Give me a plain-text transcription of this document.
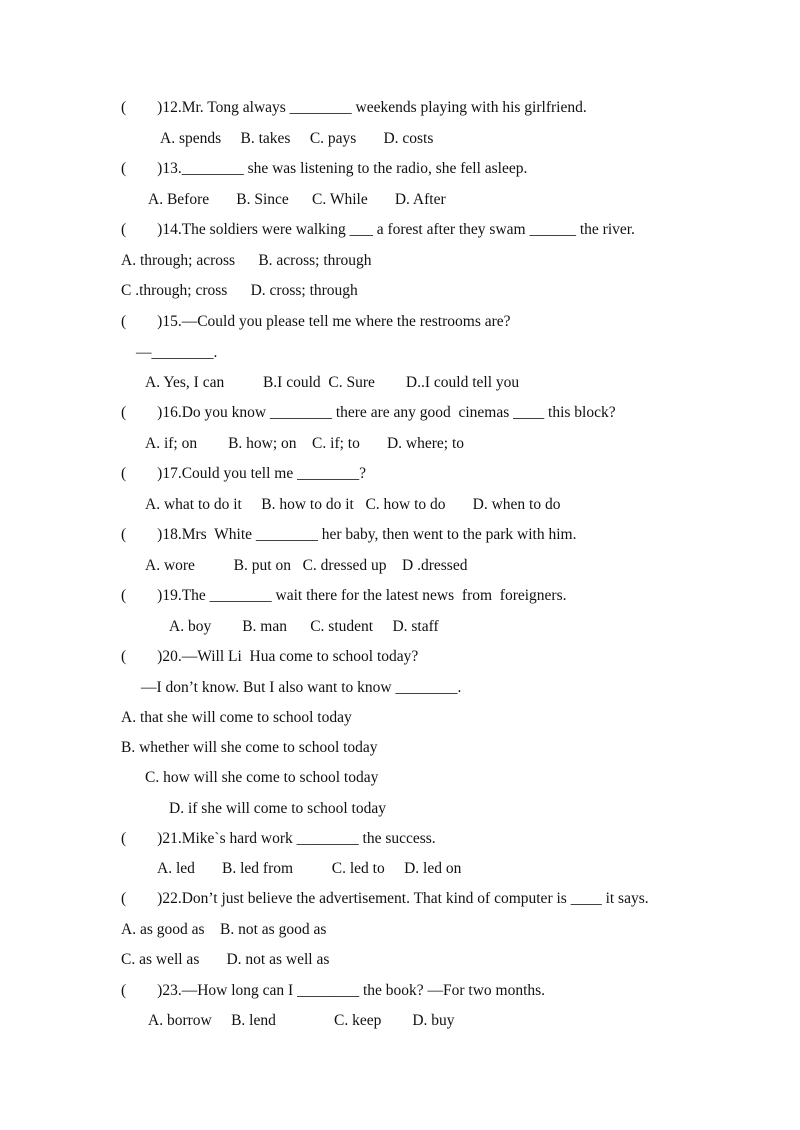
(        )12.Mr. Tong always ________ weekends playing with his girlfriend.
A. spends     B. takes     C. pays       D. costs
(        )13.________ she was listening to the radio, she fell asleep.
A. Before       B. Since      C. While       D. After
(        )14.The soldiers were walking ___ a forest after they swam ______ the river.
A. through; across      B. across; through
C .through; cross      D. cross; through
(        )15.—Could you please tell me where the restrooms are?
—________.
A. Yes, I can          B.I could  C. Sure        D..I could tell you
(        )16.Do you know ________ there are any good  cinemas ____ this block?
A. if; on        B. how; on    C. if; to       D. where; to
(        )17.Could you tell me ________?
A. what to do it     B. how to do it   C. how to do       D. when to do
(        )18.Mrs  White ________ her baby, then went to the park with him.
A. wore          B. put on   C. dressed up    D .dressed
(        )19.The ________ wait there for the latest news  from  foreigners.
A. boy        B. man      C. student     D. staff
(        )20.—Will Li  Hua come to school today?
—I don’t know. But I also want to know ________.
A. that she will come to school today
B. whether will she come to school today
C. how will she come to school today
D. if she will come to school today
(        )21.Mike`s hard work ________ the success.
A. led       B. led from          C. led to     D. led on
(        )22.Don’t just believe the advertisement. That kind of computer is ____ it says.
A. as good as    B. not as good as
C. as well as       D. not as well as
(        )23.—How long can I ________ the book? —For two months.
A. borrow     B. lend               C. keep        D. buy
